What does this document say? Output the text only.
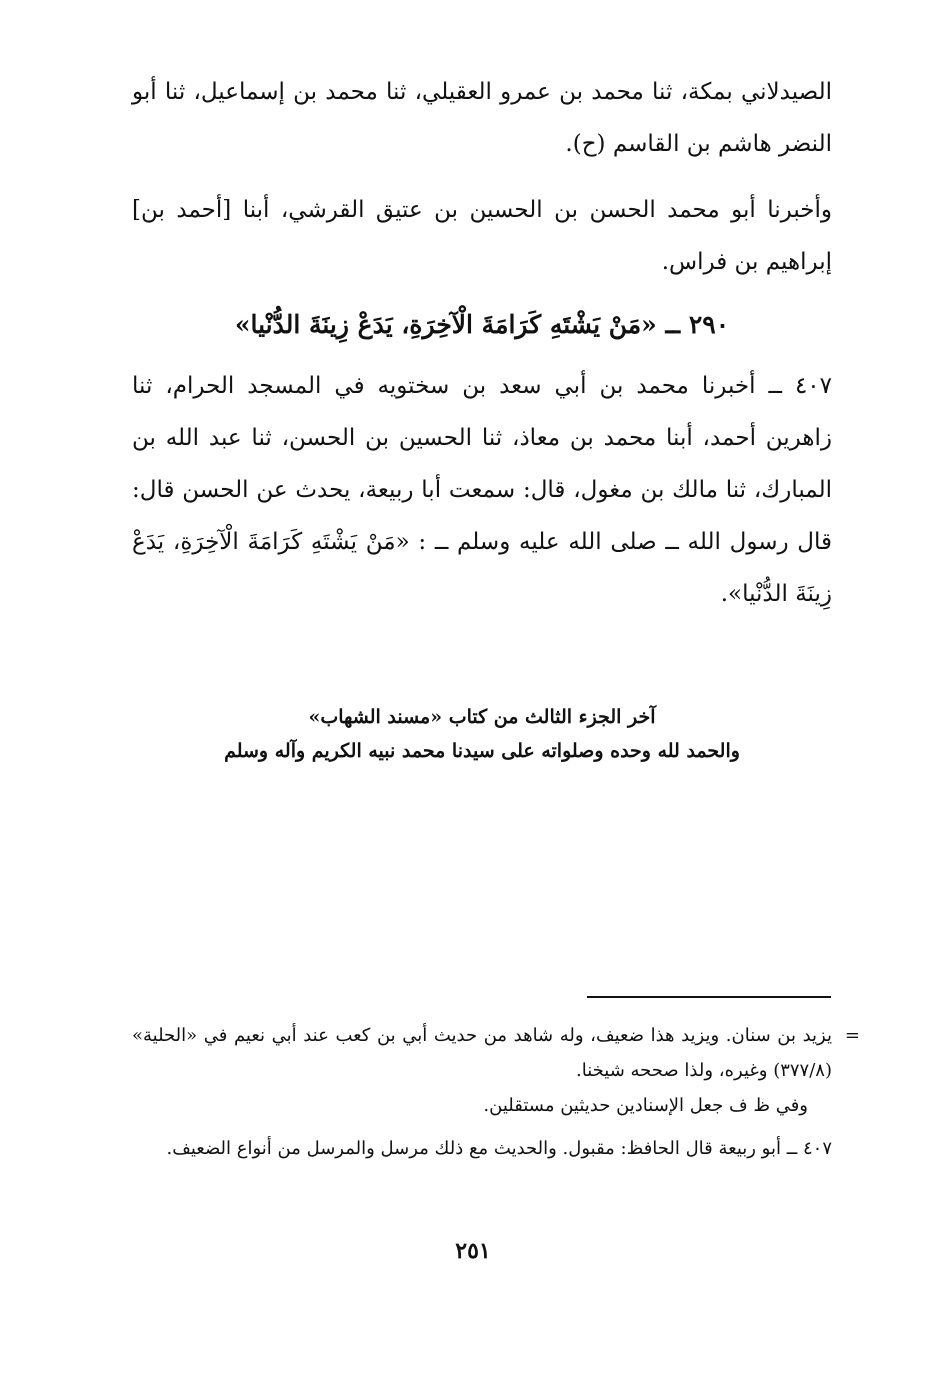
الصيدلاني بمكة، ثنا محمد بن عمرو العقيلي، ثنا محمد بن إسماعيل، ثنا أبو النضر هاشم بن القاسم (ح).

وأخبرنا أبو محمد الحسن بن الحسين بن عتيق القرشي، أبنا [أحمد بن] إبراهيم بن فراس.

٢٩٠ ــ «مَنْ يَشْتَهِ كَرَامَةَ الْآخِرَةِ، يَدَعْ زِينَةَ الدُّنْيا»

٤٠٧ ــ أخبرنا محمد بن أبي سعد بن سختويه في المسجد الحرام، ثنا زاهرين أحمد، أبنا محمد بن معاذ، ثنا الحسين بن الحسن، ثنا عبد الله بن المبارك، ثنا مالك بن مغول، قال: سمعت أبا ربيعة، يحدث عن الحسن قال: قال رسول الله ــ صلى الله عليه وسلم ــ : «مَنْ يَشْتَهِ كَرَامَةَ الْآخِرَةِ، يَدَعْ زِينَةَ الدُّنْيا».

آخر الجزء الثالث من كتاب «مسند الشهاب»
والحمد لله وحده وصلواته على سيدنا محمد نبيه الكريم وآله وسلم
=
يزيد بن سنان. ويزيد هذا ضعيف، وله شاهد من حديث أبي بن كعب عند أبي نعيم في «الحلية» (٣٧٧/٨) وغيره، ولذا صححه شيخنا.
وفي ظ ف جعل الإسنادين حديثين مستقلين.
٤٠٧ ــ أبو ربيعة قال الحافظ: مقبول. والحديث مع ذلك مرسل والمرسل من أنواع الضعيف.
٢٥١
